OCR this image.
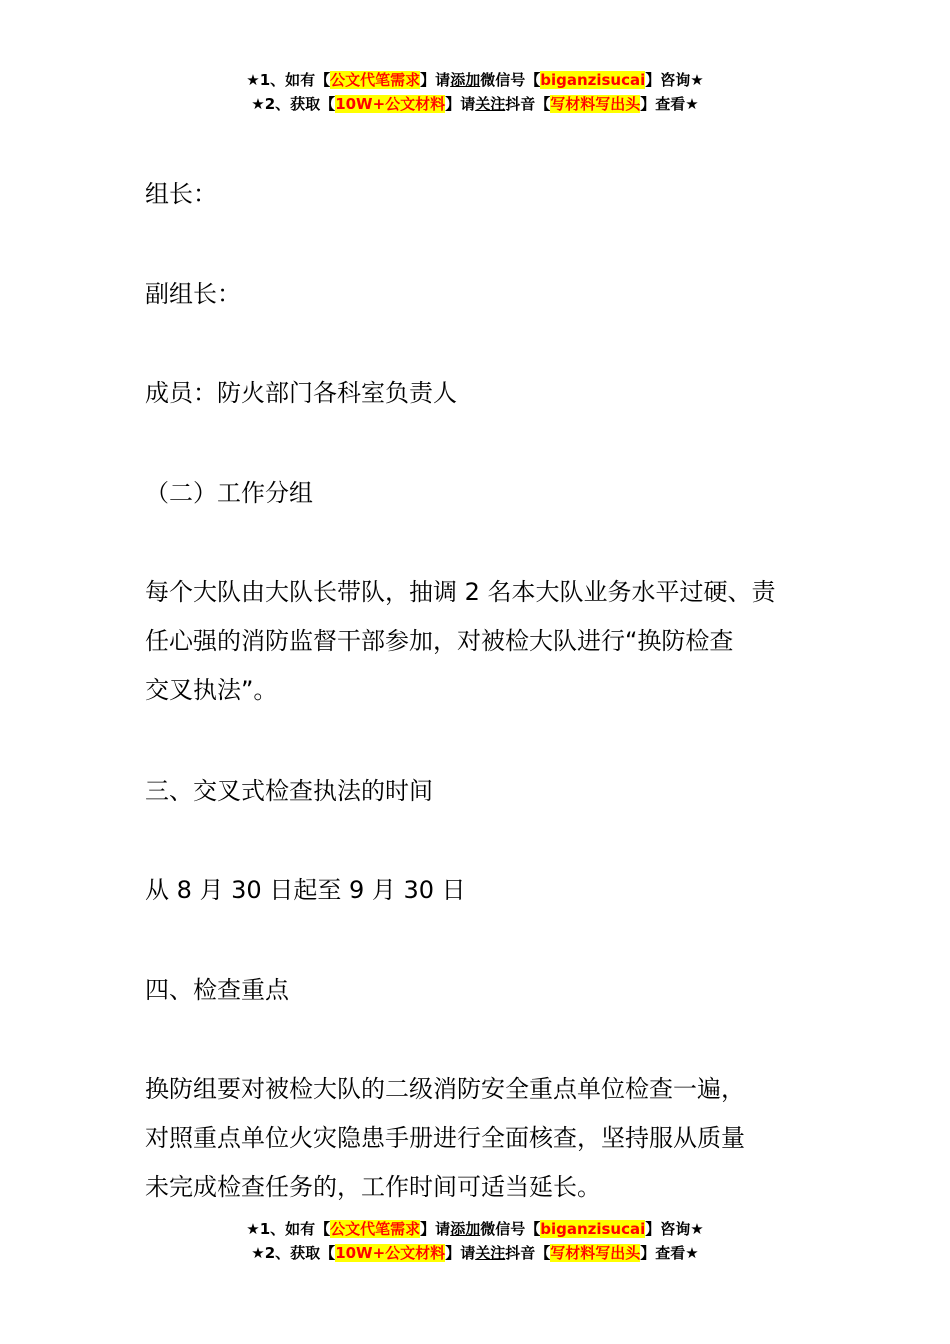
★1、如有【公文代笔需求】请添加微信号【biganzisucai】咨询★
★2、获取【10W+公文材料】请关注抖音【写材料写出头】查看★
组长：
副组长：
成员：防火部门各科室负责人
（二）工作分组
每个大队由大队长带队，抽调 2 名本大队业务水平过硬、责
任心强的消防监督干部参加，对被检大队进行“换防检查
交叉执法”。
三、交叉式检查执法的时间
从 8 月 30 日起至 9 月 30 日
四、检查重点
换防组要对被检大队的二级消防安全重点单位检查一遍，
对照重点单位火灾隐患手册进行全面核查，坚持服从质量
未完成检查任务的，工作时间可适当延长。
★1、如有【公文代笔需求】请添加微信号【biganzisucai】咨询★
★2、获取【10W+公文材料】请关注抖音【写材料写出头】查看★
